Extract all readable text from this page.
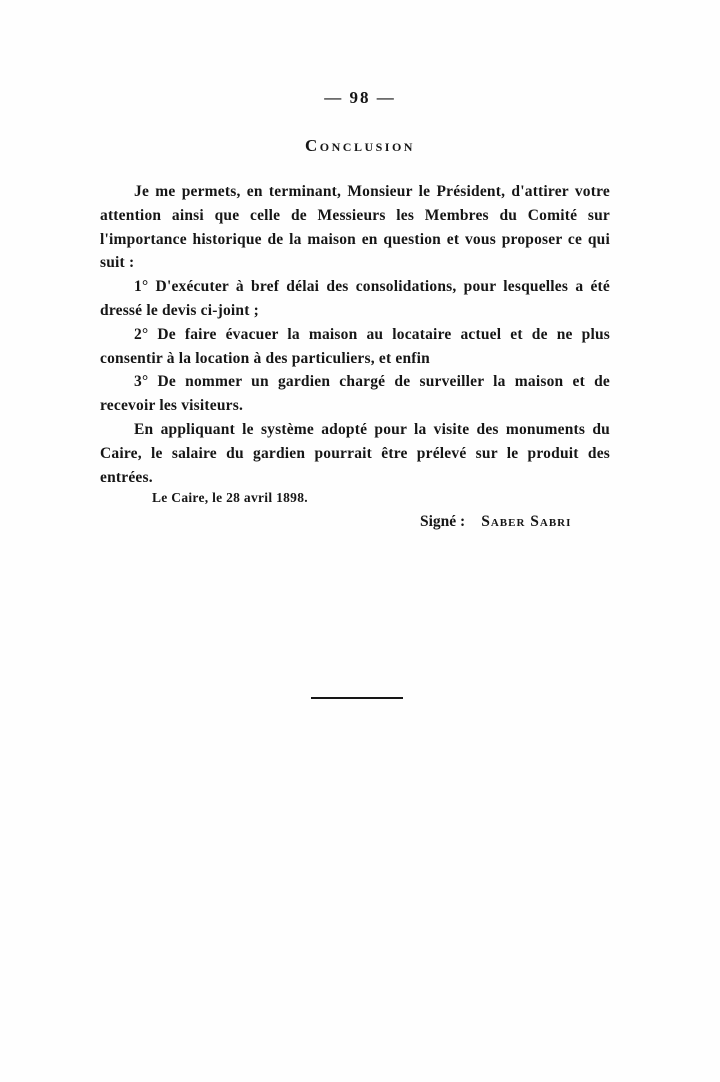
— 98 —
Conclusion

Je me permets, en terminant, Monsieur le Président, d'attirer votre attention ainsi que celle de Messieurs les Membres du Comité sur l'importance historique de la maison en question et vous proposer ce qui suit :

1° D'exécuter à bref délai des consolidations, pour lesquelles a été dressé le devis ci-joint ;

2° De faire évacuer la maison au locataire actuel et de ne plus consentir à la location à des particuliers, et enfin

3° De nommer un gardien chargé de surveiller la maison et de recevoir les visiteurs.

En appliquant le système adopté pour la visite des monuments du Caire, le salaire du gardien pourrait être prélevé sur le produit des entrées.

Le Caire, le 28 avril 1898.
Signé : Saber Sabri
